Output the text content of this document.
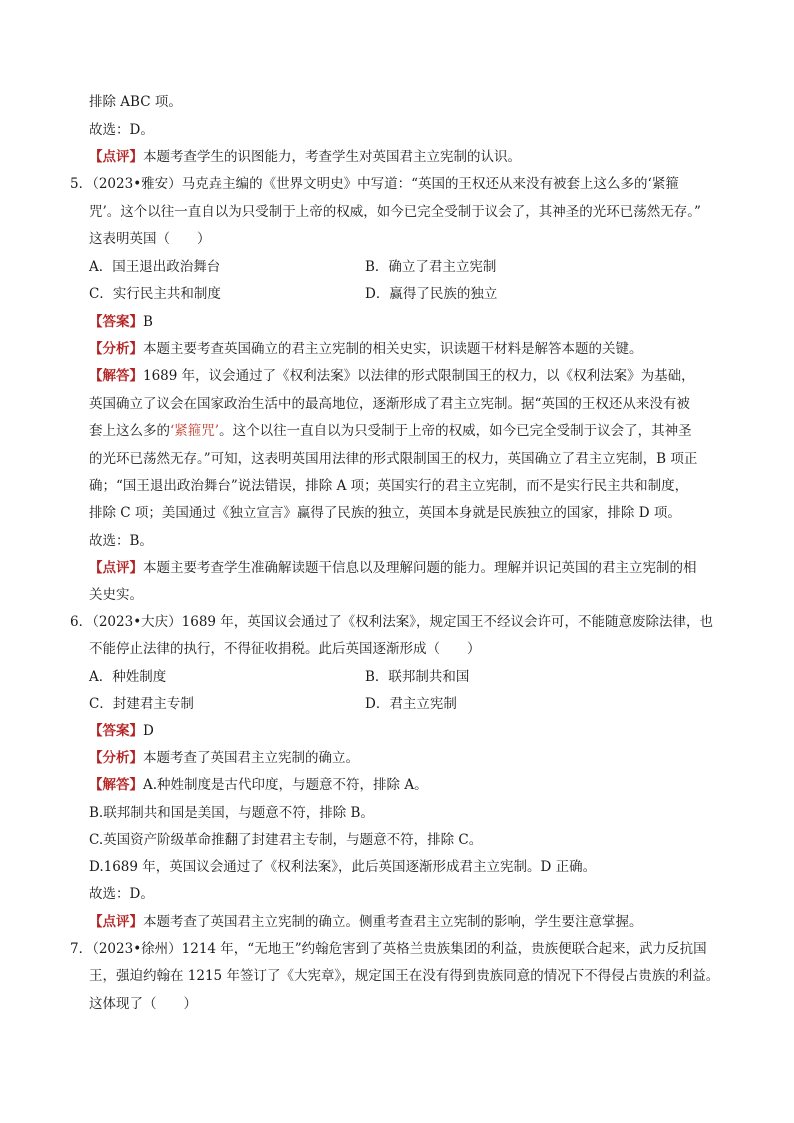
排除 ABC 项。
故选：D。
【点评】本题考查学生的识图能力，考查学生对英国君主立宪制的认识。
5．（2023•雅安）马克垚主编的《世界文明史》中写道：“英国的王权还从来没有被套上这么多的‘紧箍
咒’。这个以往一直自以为只受制于上帝的权威，如今已完全受制于议会了，其神圣的光环已荡然无存。”
这表明英国（　　）
A．国王退出政治舞台	B．确立了君主立宪制
C．实行民主共和制度	D．赢得了民族的独立
【答案】B
【分析】本题主要考查英国确立的君主立宪制的相关史实，识读题干材料是解答本题的关键。
【解答】1689 年，议会通过了《权利法案》以法律的形式限制国王的权力，以《权利法案》为基础，
英国确立了议会在国家政治生活中的最高地位，逐渐形成了君主立宪制。据“英国的王权还从来没有被
套上这么多的‘紧箍咒’。这个以往一直自以为只受制于上帝的权威，如今已完全受制于议会了，其神圣
的光环已荡然无存。”可知，这表明英国用法律的形式限制国王的权力，英国确立了君主立宪制，B 项正
确；“国王退出政治舞台”说法错误，排除 A 项；英国实行的君主立宪制，而不是实行民主共和制度，
排除 C 项；美国通过《独立宣言》赢得了民族的独立，英国本身就是民族独立的国家，排除 D 项。
故选：B。
【点评】本题主要考查学生准确解读题干信息以及理解问题的能力。理解并识记英国的君主立宪制的相
关史实。
6．（2023•大庆）1689 年，英国议会通过了《权利法案》，规定国王不经议会许可，不能随意废除法律，也
不能停止法律的执行，不得征收捐税。此后英国逐渐形成（　　）
A．种姓制度	B．联邦制共和国
C．封建君主专制	D．君主立宪制
【答案】D
【分析】本题考查了英国君主立宪制的确立。
【解答】A.种姓制度是古代印度，与题意不符，排除 A。
B.联邦制共和国是美国，与题意不符，排除 B。
C.英国资产阶级革命推翻了封建君主专制，与题意不符，排除 C。
D.1689 年，英国议会通过了《权利法案》，此后英国逐渐形成君主立宪制。D 正确。
故选：D。
【点评】本题考查了英国君主立宪制的确立。侧重考查君主立宪制的影响，学生要注意掌握。
7．（2023•徐州）1214 年，“无地王”约翰危害到了英格兰贵族集团的利益，贵族便联合起来，武力反抗国
王，强迫约翰在 1215 年签订了《大宪章》，规定国王在没有得到贵族同意的情况下不得侵占贵族的利益。
这体现了（　　）
